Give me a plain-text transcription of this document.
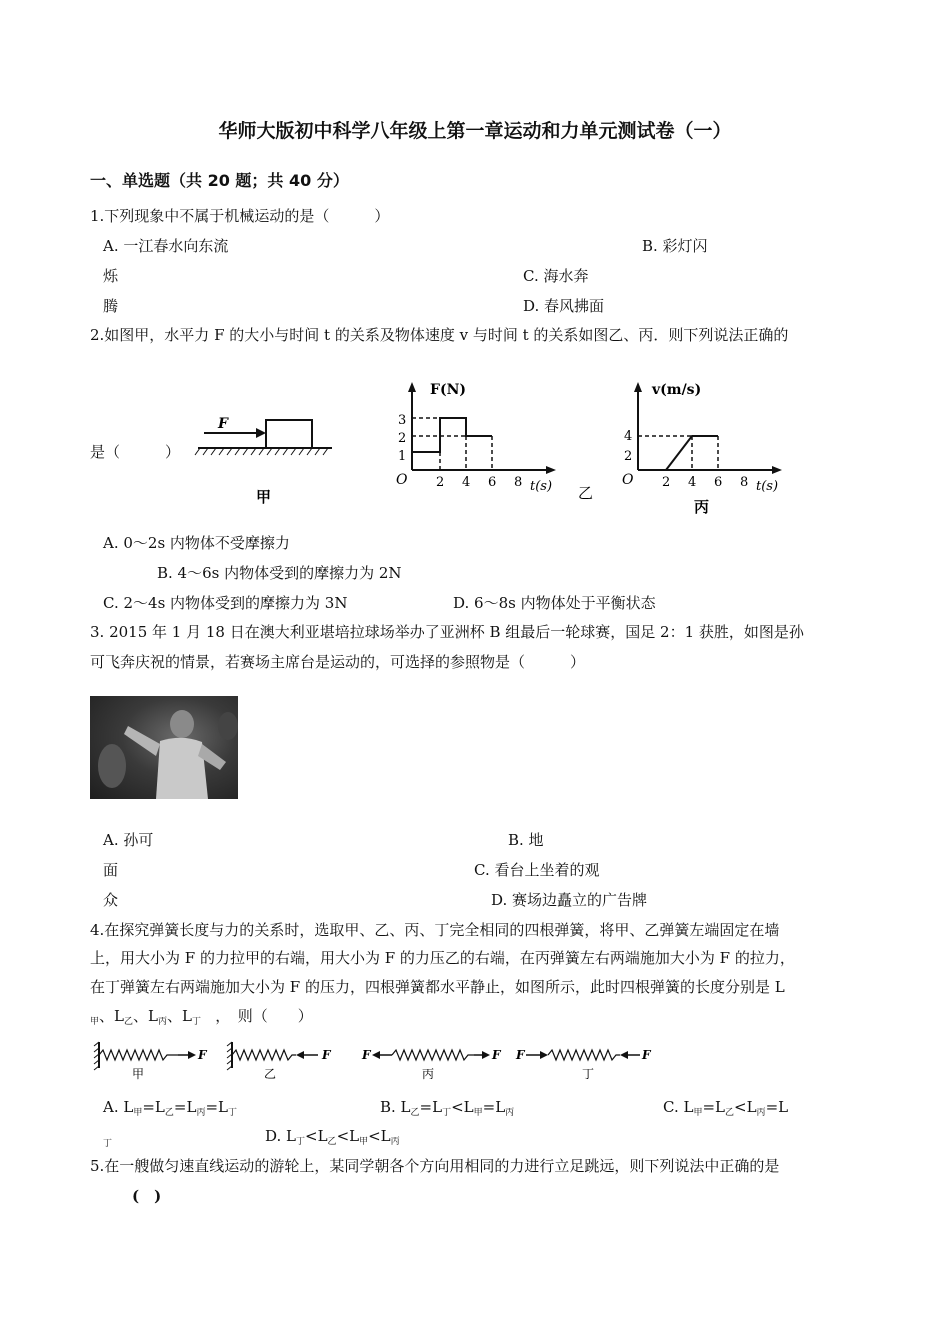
华师大版初中科学八年级上第一章运动和力单元测试卷（一）
一、单选题（共 20 题；共 40 分）
1.下列现象中不属于机械运动的是（　　　）
A. 一江春水向东流	B. 彩灯闪
烁	C. 海水奔
腾	D. 春风拂面
2.如图甲，水平力 F 的大小与时间 t 的关系及物体速度 v 与时间 t 的关系如图乙、丙．则下列说法正确的
是（　　　）
F
甲
F(N)
t(s)
O
1
2
3
2 4 6 8
乙
v(m/s)
t(s)
O
2
4
2 4 6 8
丙
A. 0～2s 内物体不受摩擦力
B. 4～6s 内物体受到的摩擦力为 2N
C. 2～4s 内物体受到的摩擦力为 3N	D. 6～8s 内物体处于平衡状态
3. 2015 年 1 月 18 日在澳大利亚堪培拉球场举办了亚洲杯 B 组最后一轮球赛，国足 2：1 获胜，如图是孙
可飞奔庆祝的情景，若赛场主席台是运动的，可选择的参照物是（　　　）
A. 孙可	B. 地
面	C. 看台上坐着的观
众	D. 赛场边矗立的广告牌
4.在探究弹簧长度与力的关系时，选取甲、乙、丙、丁完全相同的四根弹簧，将甲、乙弹簧左端固定在墙
上，用大小为 F 的力拉甲的右端，用大小为 F 的力压乙的右端，在丙弹簧左右两端施加大小为 F 的拉力，
在丁弹簧左右两端施加大小为 F 的压力，四根弹簧都水平静止，如图所示，此时四根弹簧的长度分别是 L
$_甲$、$L_乙$、$L_丙$、$L_丁$ ，　则（　　）
F
甲
F
乙
F	F
丙
F	F
丁
A. $L_甲=L_乙=L_丙=L_丁$	B. $L_乙=L_丁<L_甲=L_丙$	C. $L_甲=L_乙<L_丙=L$
$_丁$	D. $L_丁<L_乙<L_甲<L_丙$
5.在一艘做匀速直线运动的游轮上，某同学朝各个方向用相同的力进行立足跳远，则下列说法中正确的是
(　)
